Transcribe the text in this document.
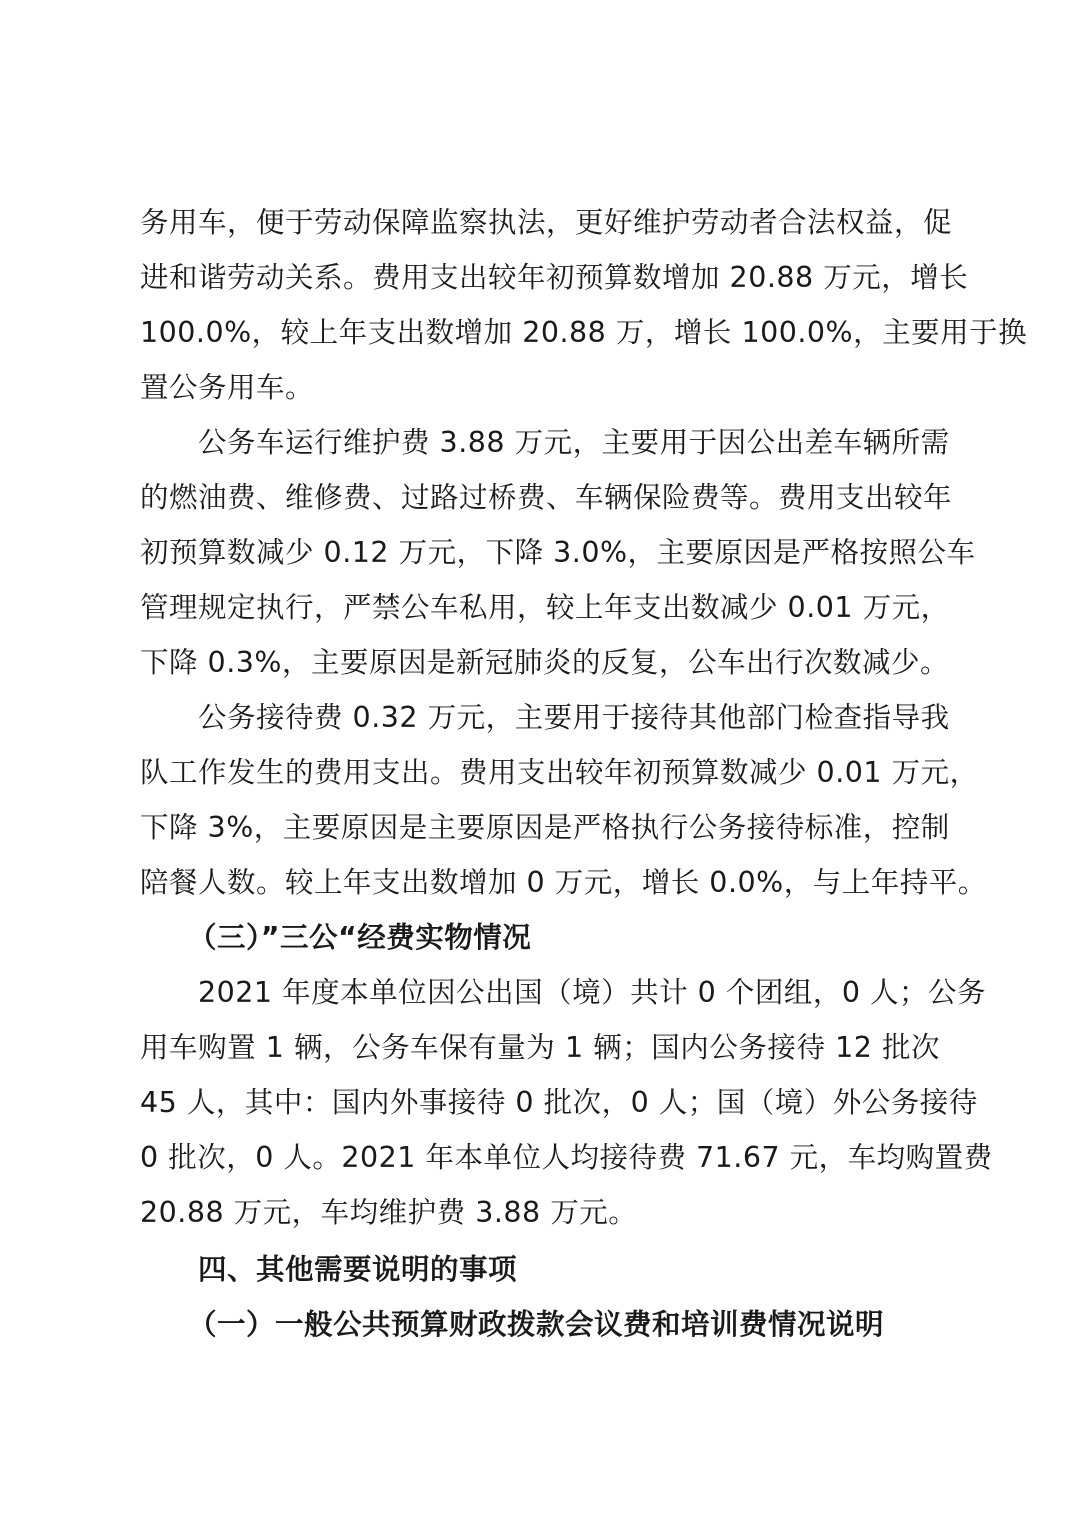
务用车，便于劳动保障监察执法，更好维护劳动者合法权益，促
进和谐劳动关系。费用支出较年初预算数增加 20.88 万元，增长
100.0%，较上年支出数增加 20.88 万，增长 100.0%，主要用于换
置公务用车。
公务车运行维护费 3.88 万元，主要用于因公出差车辆所需
的燃油费、维修费、过路过桥费、车辆保险费等。费用支出较年
初预算数减少 0.12 万元，下降 3.0%，主要原因是严格按照公车
管理规定执行，严禁公车私用，较上年支出数减少 0.01 万元，
下降 0.3%，主要原因是新冠肺炎的反复，公车出行次数减少。
公务接待费 0.32 万元，主要用于接待其他部门检查指导我
队工作发生的费用支出。费用支出较年初预算数减少 0.01 万元，
下降 3%，主要原因是主要原因是严格执行公务接待标准，控制
陪餐人数。较上年支出数增加 0 万元，增长 0.0%，与上年持平。
（三）”三公“经费实物情况
2021 年度本单位因公出国（境）共计 0 个团组，0 人；公务
用车购置 1 辆，公务车保有量为 1 辆；国内公务接待 12 批次
45 人，其中：国内外事接待 0 批次，0 人；国（境）外公务接待
0 批次，0 人。2021 年本单位人均接待费 71.67 元，车均购置费
20.88 万元，车均维护费 3.88 万元。
四、其他需要说明的事项
（一）一般公共预算财政拨款会议费和培训费情况说明
